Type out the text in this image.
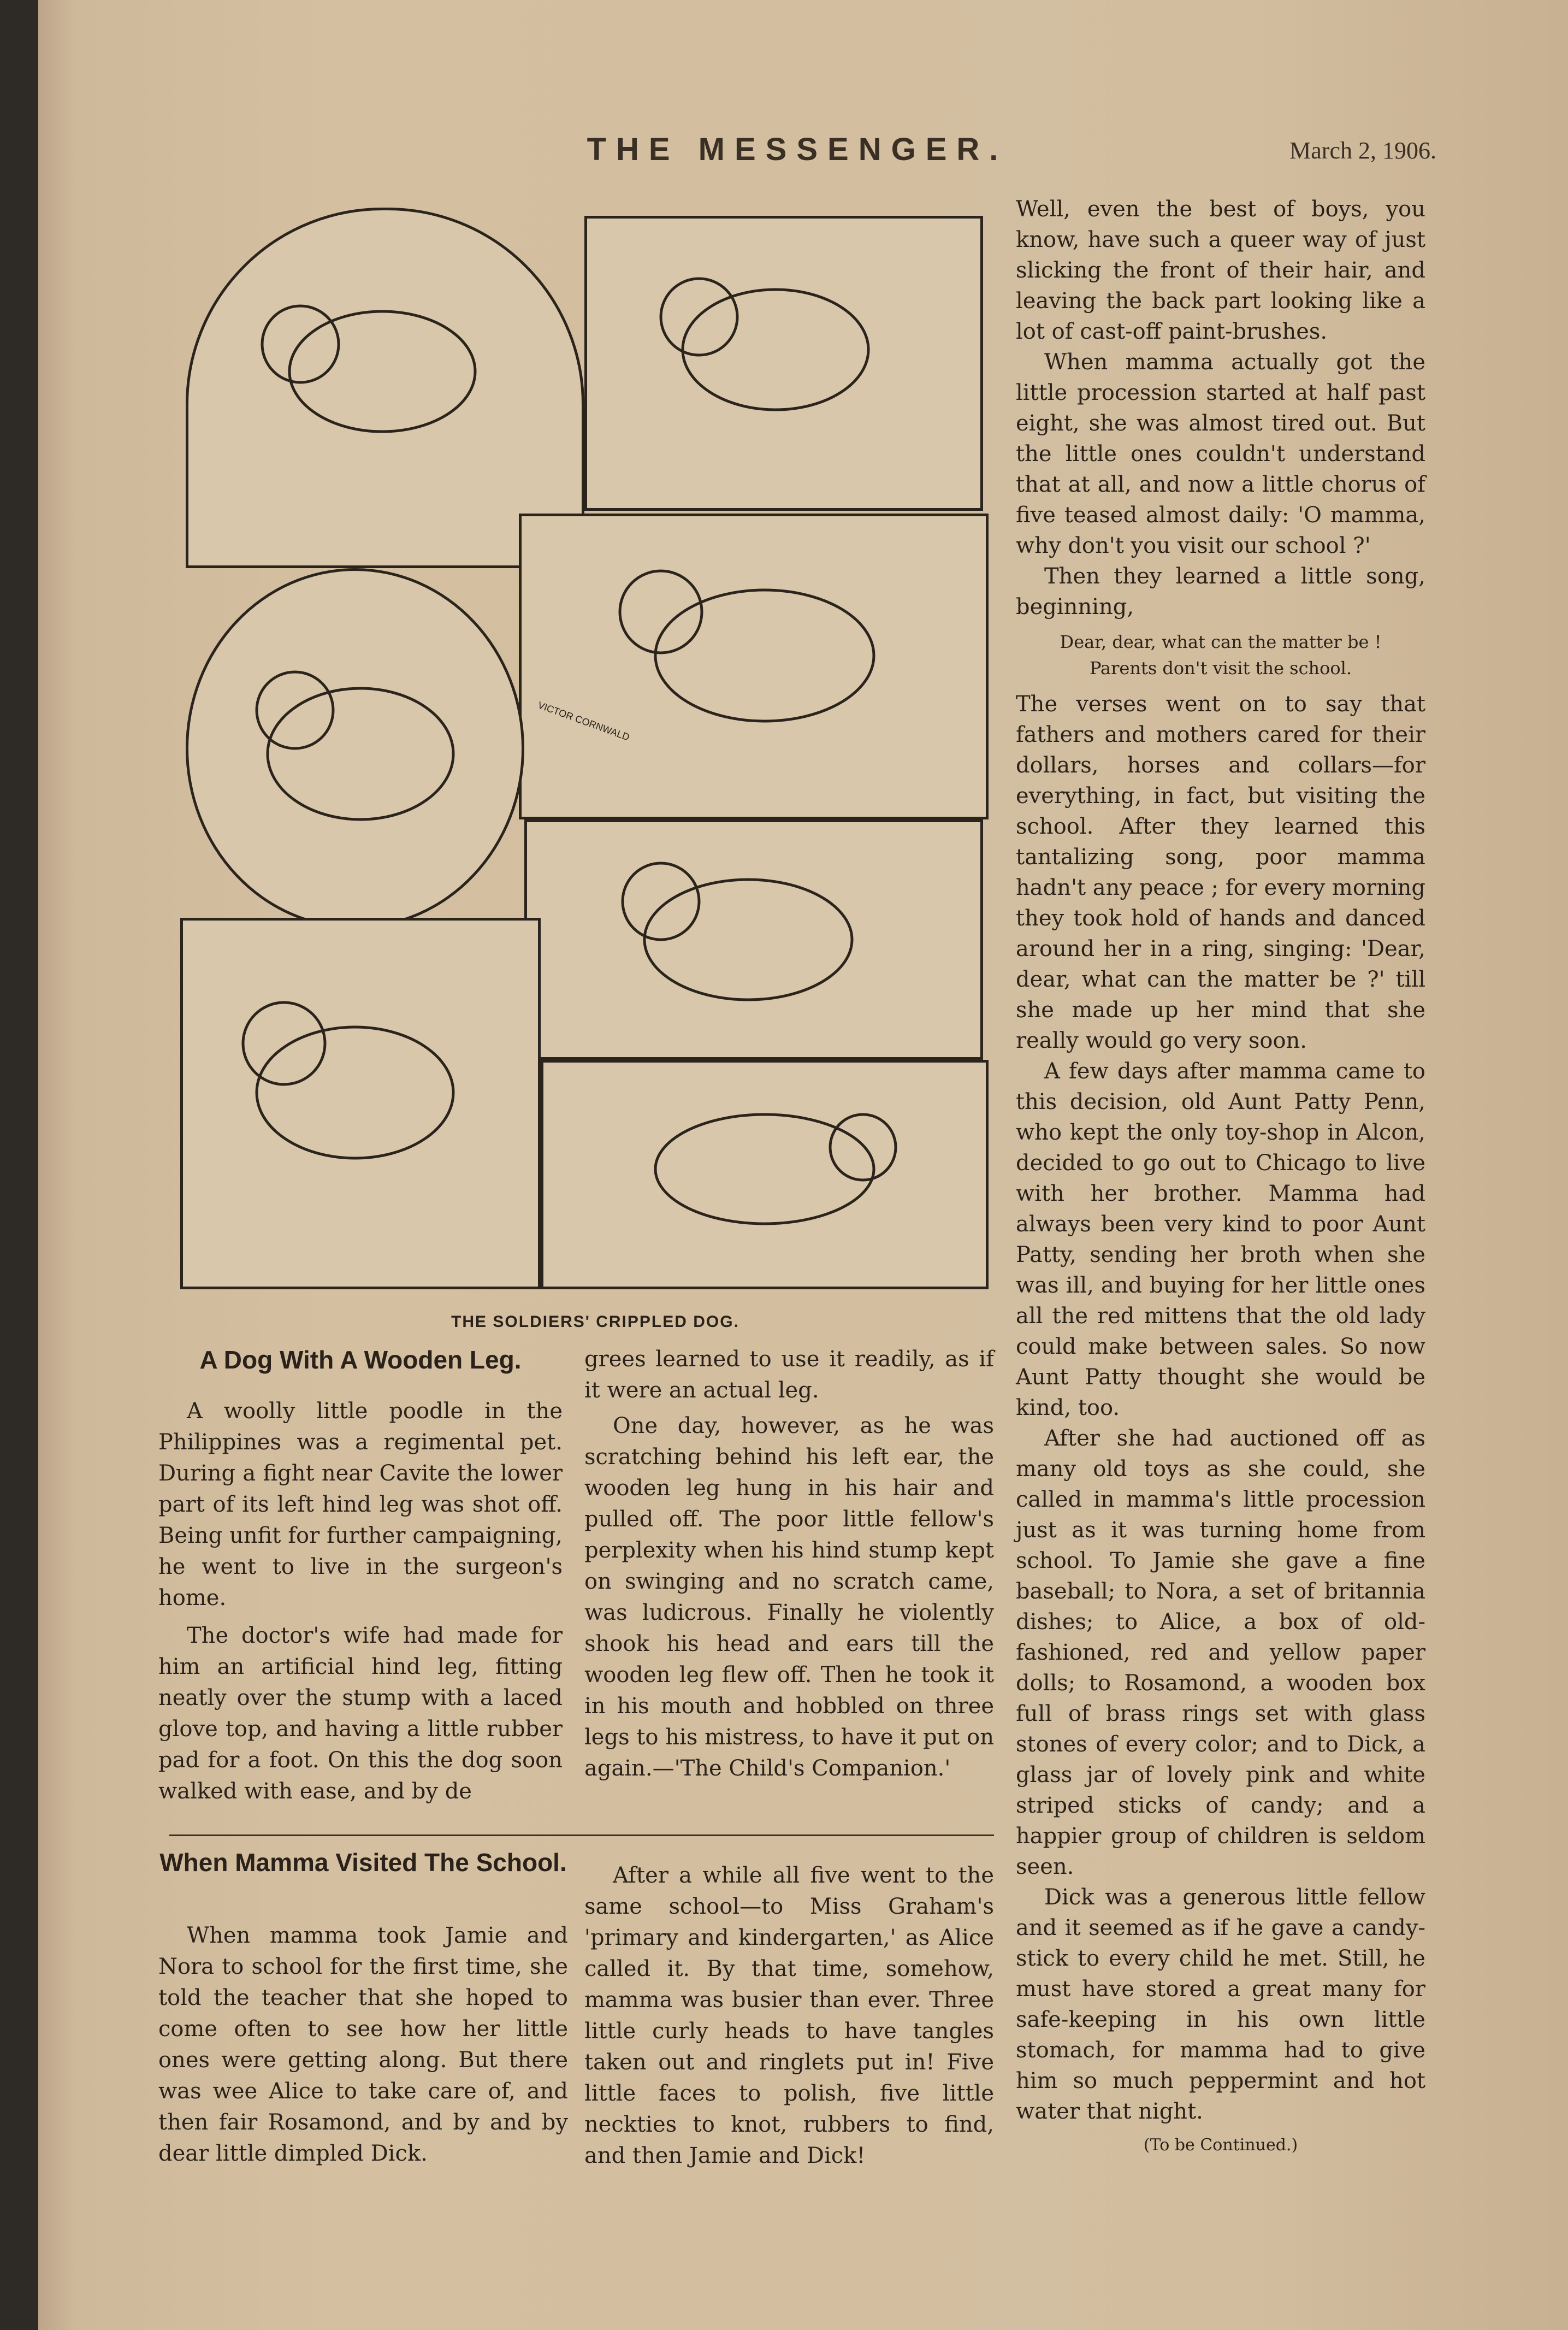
THE MESSENGER.	March 2, 1906.
VICTOR CORNWALD
THE SOLDIERS' CRIPPLED DOG.
A Dog With A Wooden Leg.

A woolly little poodle in the Philippines was a regimental pet. During a fight near Cavite the lower part of its left hind leg was shot off. Being unfit for further campaigning, he went to live in the surgeon's home.

The doctor's wife had made for him an artificial hind leg, fitting neatly over the stump with a laced glove top, and having a little rubber pad for a foot. On this the dog soon walked with ease, and by de

grees learned to use it readily, as if it were an actual leg.

One day, however, as he was scratching behind his left ear, the wooden leg hung in his hair and pulled off. The poor little fellow's perplexity when his hind stump kept on swinging and no scratch came, was ludicrous. Finally he violently shook his head and ears till the wooden leg flew off. Then he took it in his mouth and hobbled on three legs to his mistress, to have it put on again.—'The Child's Companion.'

When Mamma Visited The School.

When mamma took Jamie and Nora to school for the first time, she told the teacher that she hoped to come often to see how her little ones were getting along. But there was wee Alice to take care of, and then fair Rosamond, and by and by dear little dimpled Dick.

After a while all five went to the same school—to Miss Graham's 'primary and kindergarten,' as Alice called it. By that time, somehow, mamma was busier than ever. Three little curly heads to have tangles taken out and ringlets put in! Five little faces to polish, five little neckties to knot, rubbers to find, and then Jamie and Dick!

Well, even the best of boys, you know, have such a queer way of just slicking the front of their hair, and leaving the back part looking like a lot of cast-off paint-brushes.

When mamma actually got the little procession started at half past eight, she was almost tired out. But the little ones couldn't understand that at all, and now a little chorus of five teased almost daily: 'O mamma, why don't you visit our school ?'

Then they learned a little song, beginning,

Dear, dear, what can the matter be !
Parents don't visit the school.

The verses went on to say that fathers and mothers cared for their dollars, horses and collars—for everything, in fact, but visiting the school. After they learned this tantalizing song, poor mamma hadn't any peace ; for every morning they took hold of hands and danced around her in a ring, singing: 'Dear, dear, what can the matter be ?' till she made up her mind that she really would go very soon.

A few days after mamma came to this decision, old Aunt Patty Penn, who kept the only toy-shop in Alcon, decided to go out to Chicago to live with her brother. Mamma had always been very kind to poor Aunt Patty, sending her broth when she was ill, and buying for her little ones all the red mittens that the old lady could make between sales. So now Aunt Patty thought she would be kind, too.

After she had auctioned off as many old toys as she could, she called in mamma's little procession just as it was turning home from school. To Jamie she gave a fine baseball; to Nora, a set of britannia dishes; to Alice, a box of old-fashioned, red and yellow paper dolls; to Rosamond, a wooden box full of brass rings set with glass stones of every color; and to Dick, a glass jar of lovely pink and white striped sticks of candy; and a happier group of children is seldom seen.

Dick was a generous little fellow and it seemed as if he gave a candy-stick to every child he met. Still, he must have stored a great many for safe-keeping in his own little stomach, for mamma had to give him so much peppermint and hot water that night.

(To be Continued.)
